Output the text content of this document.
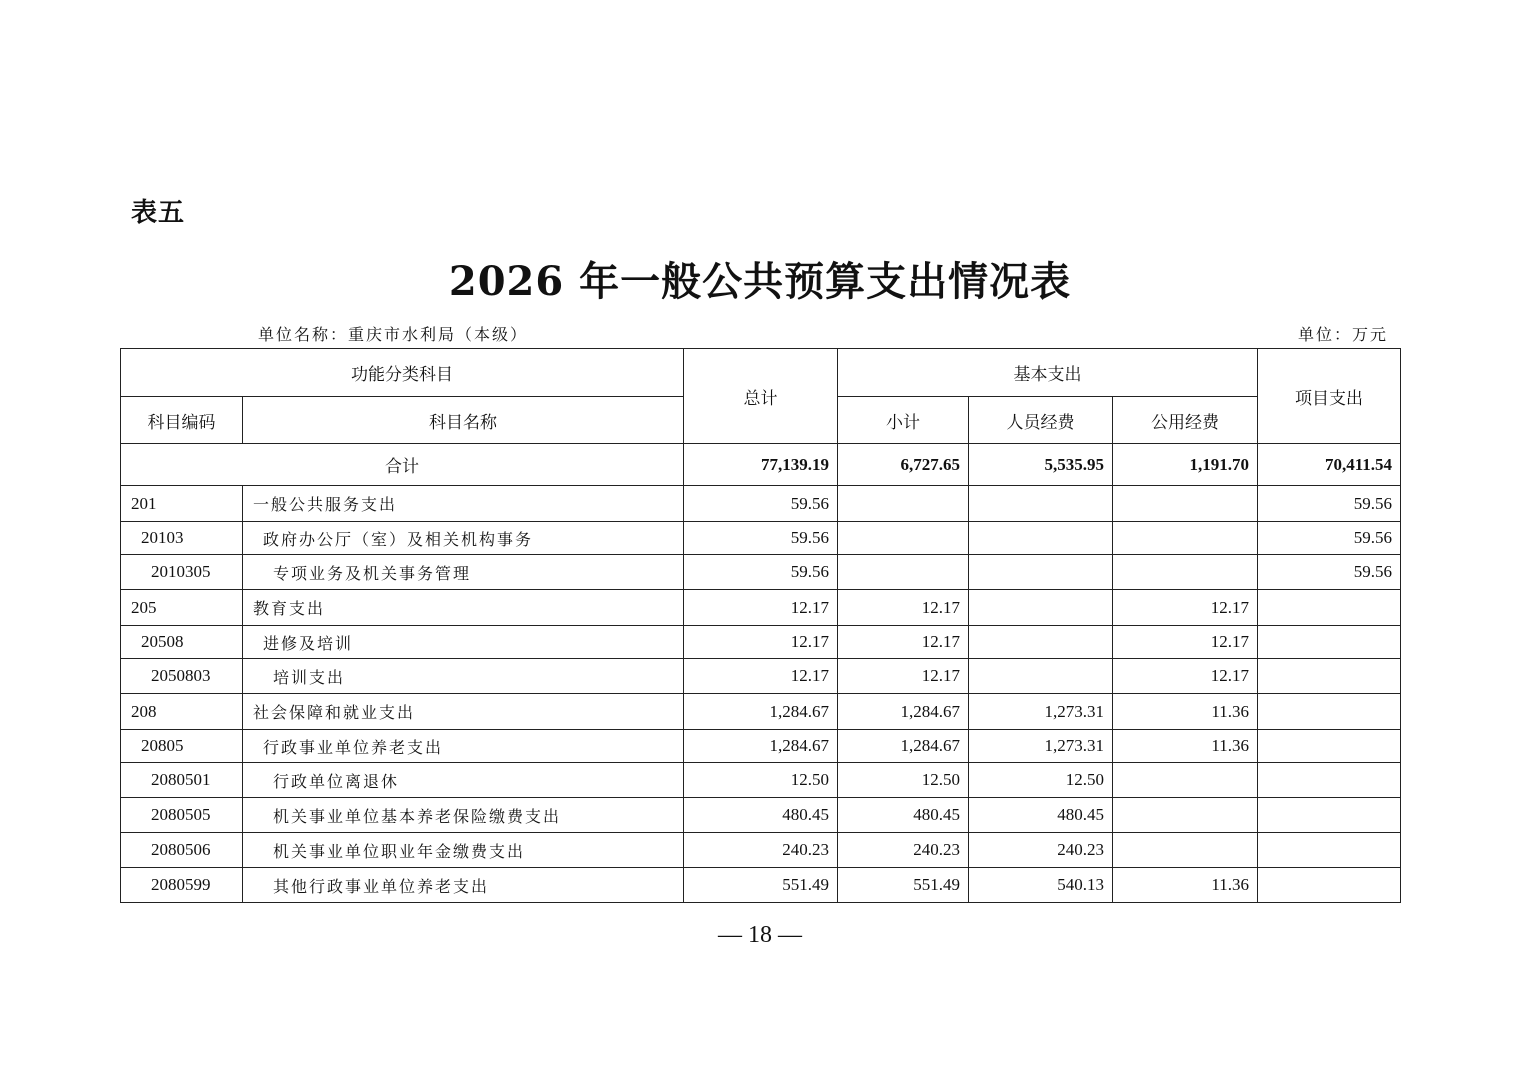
表五
2026 年一般公共预算支出情况表
单位名称：重庆市水利局（本级）	单位：万元
功能分类科目		总计	基本支出			项目支出
科目编码	科目名称		小计	人员经费	公用经费	
合计		77,139.19	6,727.65	5,535.95	1,191.70	70,411.54
201	一般公共服务支出	59.56				59.56
20103	政府办公厅（室）及相关机构事务	59.56				59.56
2010305	专项业务及机关事务管理	59.56				59.56
205	教育支出	12.17	12.17		12.17	
20508	进修及培训	12.17	12.17		12.17	
2050803	培训支出	12.17	12.17		12.17	
208	社会保障和就业支出	1,284.67	1,284.67	1,273.31	11.36	
20805	行政事业单位养老支出	1,284.67	1,284.67	1,273.31	11.36	
2080501	行政单位离退休	12.50	12.50	12.50		
2080505	机关事业单位基本养老保险缴费支出	480.45	480.45	480.45		
2080506	机关事业单位职业年金缴费支出	240.23	240.23	240.23		
2080599	其他行政事业单位养老支出	551.49	551.49	540.13	11.36	
— 18 —
